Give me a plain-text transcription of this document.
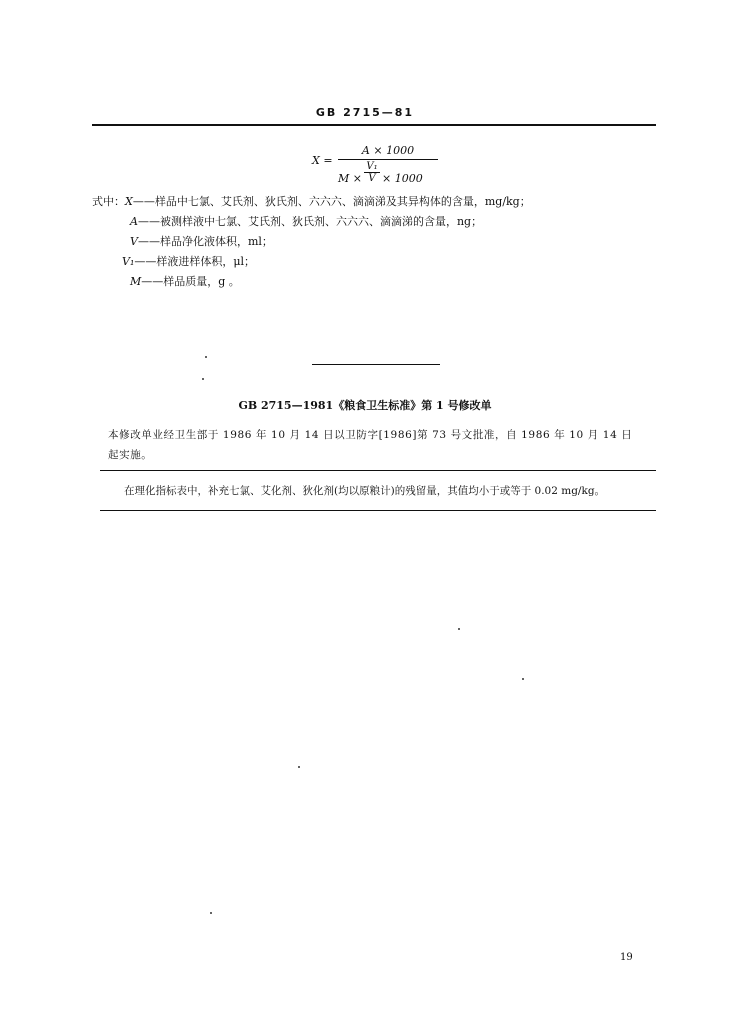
GB 2715—81
X =
A × 1000
$M \times \frac{\text{V₁}}{V} \times 1000$
式中：X——样品中七氯、艾氏剂、狄氏剂、六六六、滴滴涕及其异构体的含量，mg/kg；
A——被测样液中七氯、艾氏剂、狄氏剂、六六六、滴滴涕的含量，ng；
V——样品净化液体积，ml；
V₁——样液进样体积，μl；
M——样品质量，g 。
GB 2715—1981《粮食卫生标准》第 1 号修改单
本修改单业经卫生部于 1986 年 10 月 14 日以卫防字[1986]第 73 号文批准，自 1986 年 10 月 14 日
起实施。
在理化指标表中，补充七氯、艾化剂、狄化剂(均以原粮计)的残留量，其值均小于或等于 0.02 mg/kg。
19
